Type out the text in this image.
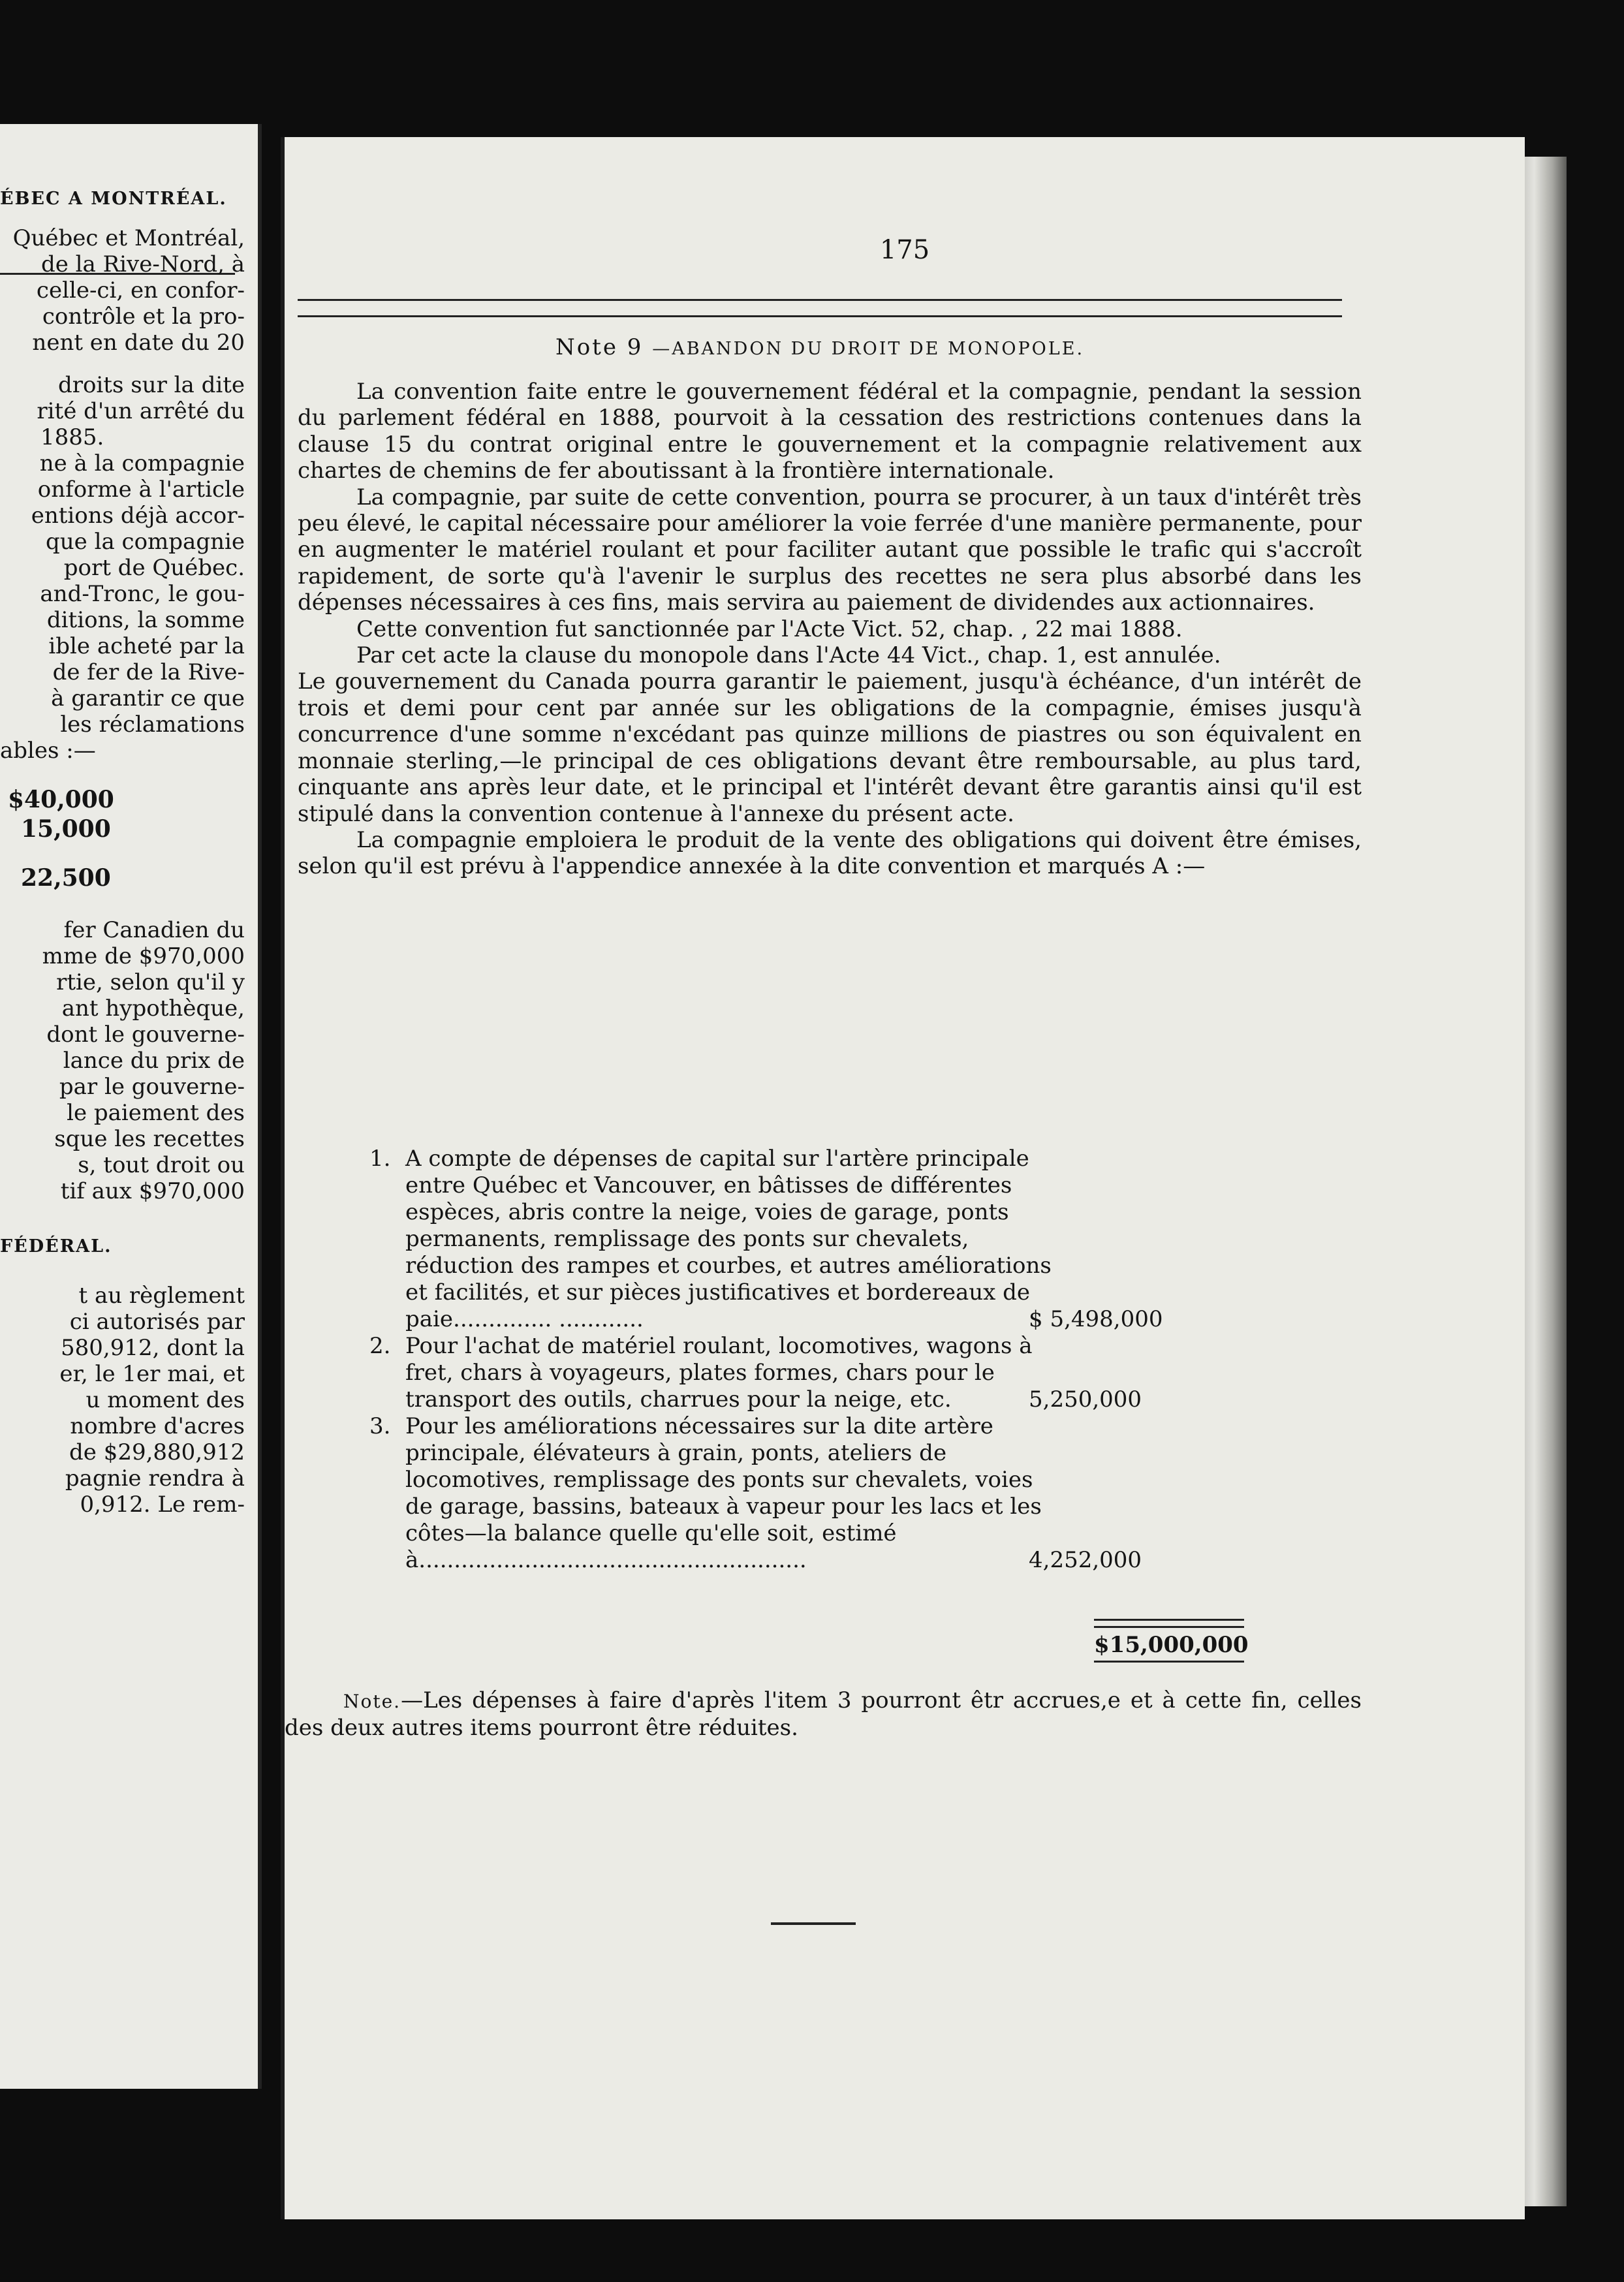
ÉBEC A MONTRÉAL.
Québec et Montréal,
de la Rive-Nord, à
celle-ci, en confor-
contrôle et la pro-
nent en date du 20
droits sur la dite
rité d'un arrêté du
1885.
ne à la compagnie
onforme à l'article
entions déjà accor-
que la compagnie
port de Québec.
and-Tronc, le gou-
ditions, la somme
ible acheté par la
de fer de la Rive-
à garantir ce que
les réclamations
ables :—
$40,000
15,000
22,500
fer Canadien du
mme de $970,000
rtie, selon qu'il y
ant hypothèque,
dont le gouverne-
lance du prix de
par le gouverne-
le paiement des
sque les recettes
s, tout droit ou
tif aux $970,000
FÉDÉRAL.
t au règlement
ci autorisés par
580,912, dont la
er, le 1er mai, et
u moment des
nombre d'acres
de $29,880,912
pagnie rendra à
0,912. Le rem-
175
Note 9 —ABANDON DU DROIT DE MONOPOLE.

La convention faite entre le gouvernement fédéral et la compagnie, pendant la session du parlement fédéral en 1888, pourvoit à la cessation des restrictions contenues dans la clause 15 du contrat original entre le gouvernement et la compagnie relativement aux chartes de chemins de fer aboutissant à la frontière internationale.

La compagnie, par suite de cette convention, pourra se procurer, à un taux d'intérêt très peu élevé, le capital nécessaire pour améliorer la voie ferrée d'une manière permanente, pour en augmenter le matériel roulant et pour faciliter autant que possible le trafic qui s'accroît rapidement, de sorte qu'à l'avenir le surplus des recettes ne sera plus absorbé dans les dépenses nécessaires à ces fins, mais servira au paiement de dividendes aux actionnaires.

Cette convention fut sanctionnée par l'Acte Vict. 52, chap. , 22 mai 1888.

Par cet acte la clause du monopole dans l'Acte 44 Vict., chap. 1, est annulée.

Le gouvernement du Canada pourra garantir le paiement, jusqu'à échéance, d'un intérêt de trois et demi pour cent par année sur les obligations de la compagnie, émises jusqu'à concurrence d'une somme n'excédant pas quinze millions de piastres ou son équivalent en monnaie sterling,—le principal de ces obligations devant être remboursable, au plus tard, cinquante ans après leur date, et le principal et l'intérêt devant être garantis ainsi qu'il est stipulé dans la convention contenue à l'annexe du présent acte.

La compagnie emploiera le produit de la vente des obligations qui doivent être émises, selon qu'il est prévu à l'appendice annexée à la dite convention et marqués A :—

1. A compte de dépenses de capital sur l'artère principale entre Québec et Vancouver, en bâtisses de différentes espèces, abris contre la neige, voies de garage, ponts permanents, remplissage des ponts sur chevalets, réduction des rampes et courbes, et autres améliorations et facilités, et sur pièces justificatives et bordereaux de paie.............. ............	$ 5,498,000
2. Pour l'achat de matériel roulant, locomotives, wagons à fret, chars à voyageurs, plates formes, chars pour le transport des outils, charrues pour la neige, etc.	5,250,000
3. Pour les améliorations nécessaires sur la dite artère principale, élévateurs à grain, ponts, ateliers de locomotives, remplissage des ponts sur chevalets, voies de garage, bassins, bateaux à vapeur pour les lacs et les côtes—la balance quelle qu'elle soit, estimé à.......................................................	4,252,000
$15,000,000

Note.—Les dépenses à faire d'après l'item 3 pourront êtr accrues,e et à cette fin, celles des deux autres items pourront être réduites.
